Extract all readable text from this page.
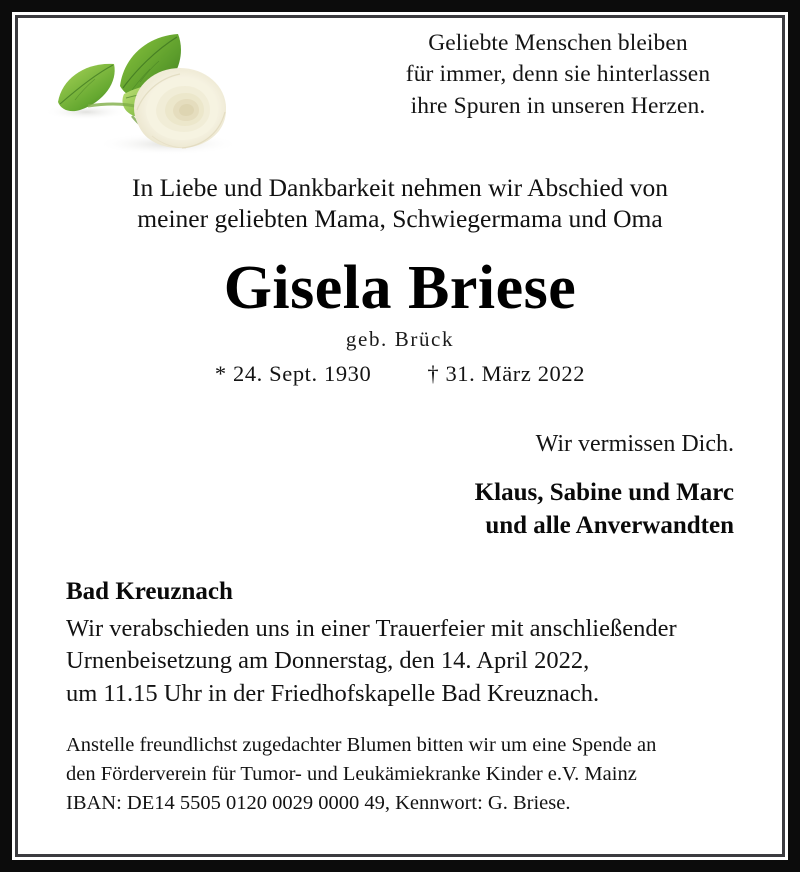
Geliebte Menschen bleiben
für immer, denn sie hinterlassen
ihre Spuren in unseren Herzen.
In Liebe und Dankbarkeit nehmen wir Abschied von
meiner geliebten Mama, Schwiegermama und Oma
Gisela Briese
geb. Brück
* 24. Sept. 1930 † 31. März 2022
Wir vermissen Dich.
Klaus, Sabine und Marc
und alle Anverwandten
Bad Kreuznach
Wir verabschieden uns in einer Trauerfeier mit anschließender
Urnenbeisetzung am Donnerstag, den 14. April 2022,
um 11.15 Uhr in der Friedhofskapelle Bad Kreuznach.
Anstelle freundlichst zugedachter Blumen bitten wir um eine Spende an
den Förderverein für Tumor- und Leukämiekranke Kinder e.V. Mainz
IBAN: DE14 5505 0120 0029 0000 49, Kennwort: G. Briese.
